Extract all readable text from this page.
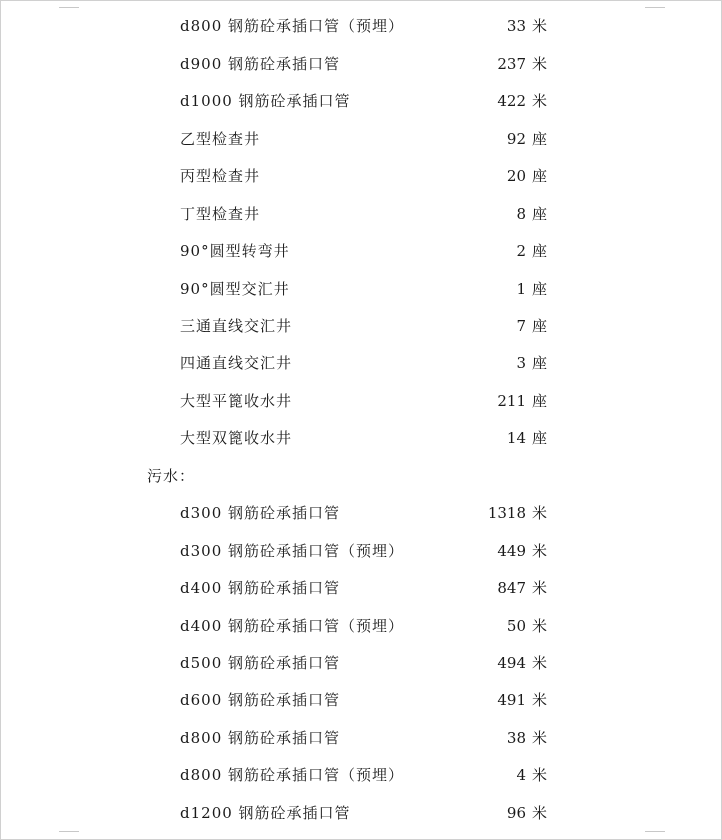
d800 钢筋砼承插口管（预埋）	33 米
d900 钢筋砼承插口管	237 米
d1000 钢筋砼承插口管	422 米
乙型检查井	92 座
丙型检查井	20 座
丁型检查井	8 座
90°圆型转弯井	2 座
90°圆型交汇井	1 座
三通直线交汇井	7 座
四通直线交汇井	3 座
大型平篦收水井	211 座
大型双篦收水井	14 座
污水：
d300 钢筋砼承插口管	1318 米
d300 钢筋砼承插口管（预埋）	449 米
d400 钢筋砼承插口管	847 米
d400 钢筋砼承插口管（预埋）	50 米
d500 钢筋砼承插口管	494 米
d600 钢筋砼承插口管	491 米
d800 钢筋砼承插口管	38 米
d800 钢筋砼承插口管（预埋）	4 米
d1200 钢筋砼承插口管	96 米
